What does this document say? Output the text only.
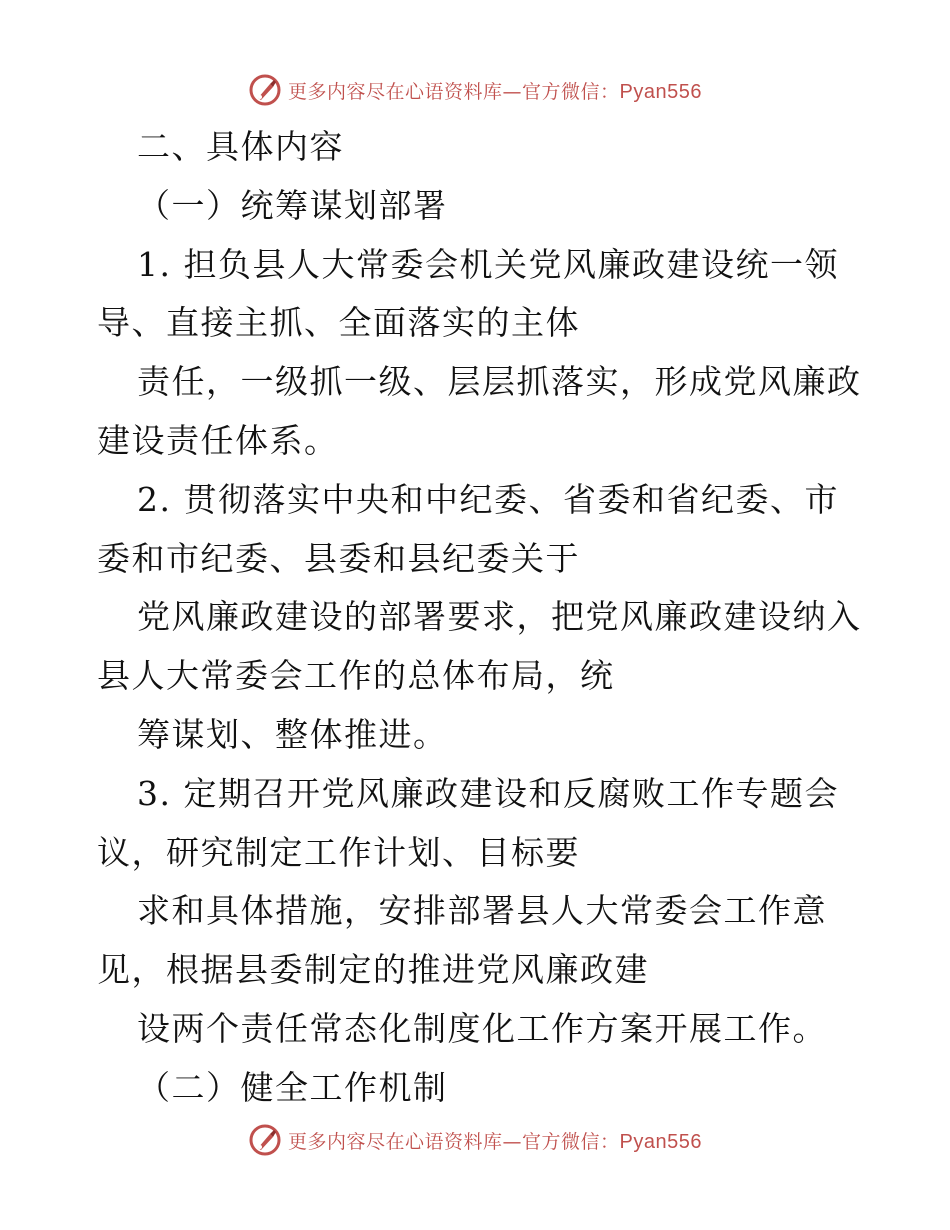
更多内容尽在心语资料库—官方微信：Pyan556
二、具体内容
（一）统筹谋划部署
1. 担负县人大常委会机关党风廉政建设统一领
导、直接主抓、全面落实的主体
责任，一级抓一级、层层抓落实，形成党风廉政
建设责任体系。
2. 贯彻落实中央和中纪委、省委和省纪委、市
委和市纪委、县委和县纪委关于
党风廉政建设的部署要求，把党风廉政建设纳入
县人大常委会工作的总体布局，统
筹谋划、整体推进。
3. 定期召开党风廉政建设和反腐败工作专题会
议，研究制定工作计划、目标要
求和具体措施，安排部署县人大常委会工作意
见，根据县委制定的推进党风廉政建
设两个责任常态化制度化工作方案开展工作。
（二）健全工作机制
更多内容尽在心语资料库—官方微信：Pyan556
